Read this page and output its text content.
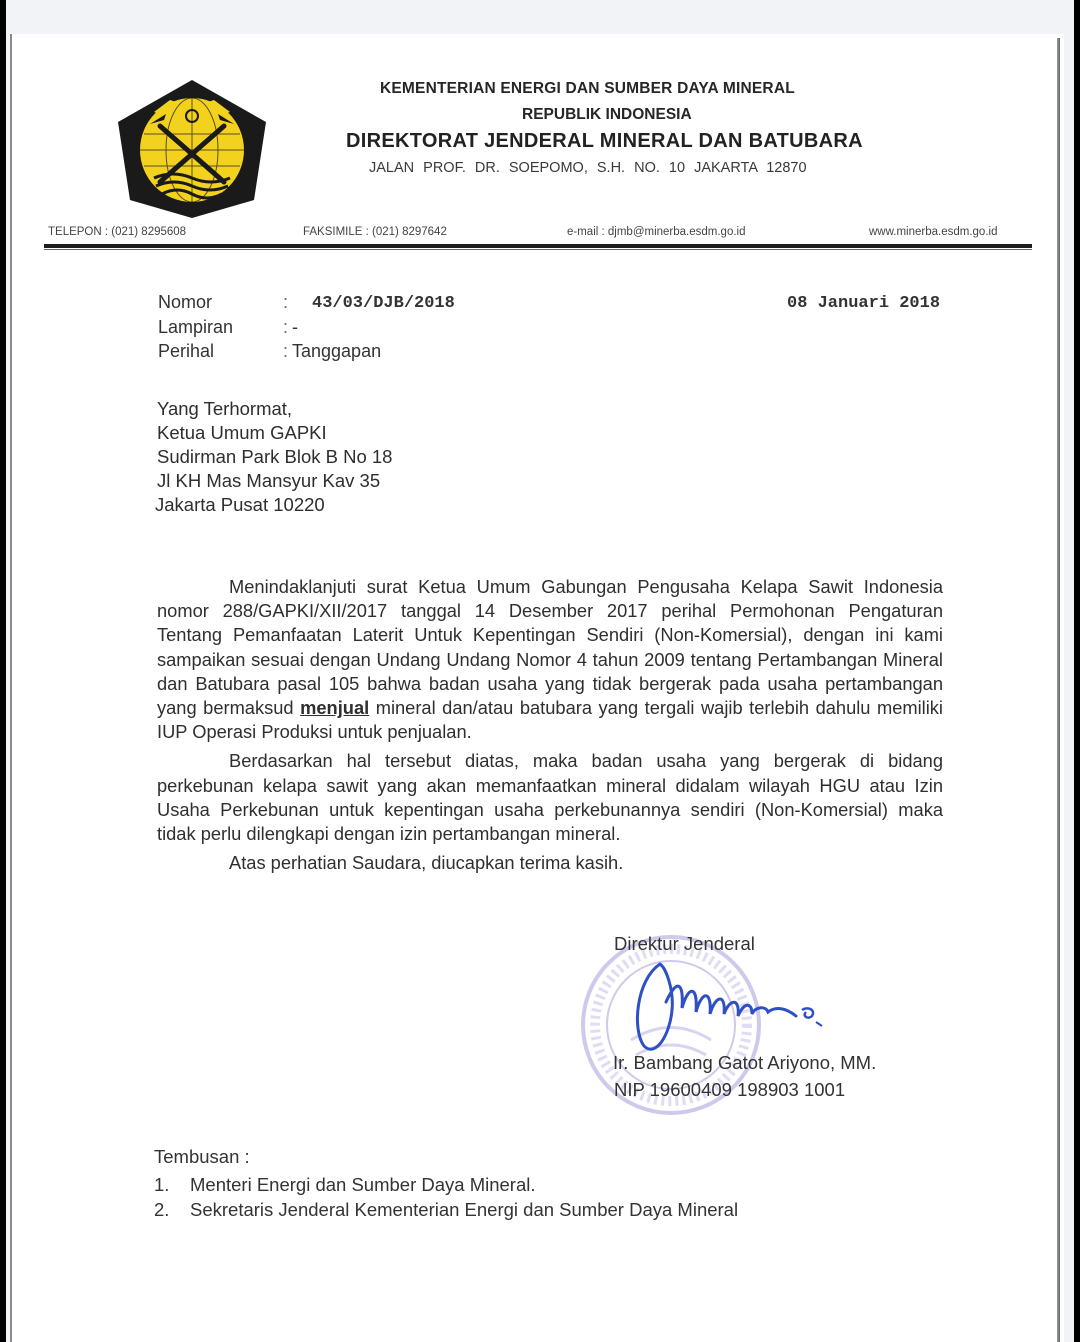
KEMENTERIAN ENERGI DAN SUMBER DAYA MINERAL
REPUBLIK INDONESIA
DIREKTORAT JENDERAL MINERAL DAN BATUBARA
JALAN PROF. DR. SOEPOMO, S.H. NO. 10 JAKARTA 12870
TELEPON : (021) 8295608	FAKSIMILE : (021) 8297642	e-mail : djmb@minerba.esdm.go.id	www.minerba.esdm.go.id
Nomor	: 43/03/DJB/2018	08 Januari 2018
Lampiran	: -
Perihal	: Tanggapan
Yang Terhormat,
Ketua Umum GAPKI
Sudirman Park Blok B No 18
Jl KH Mas Mansyur Kav 35
Jakarta Pusat 10220

Menindaklanjuti surat Ketua Umum Gabungan Pengusaha Kelapa Sawit Indonesia nomor 288/GAPKI/XII/2017 tanggal 14 Desember 2017 perihal Permohonan Pengaturan Tentang Pemanfaatan Laterit Untuk Kepentingan Sendiri (Non-Komersial), dengan ini kami sampaikan sesuai dengan Undang Undang Nomor 4 tahun 2009 tentang Pertambangan Mineral dan Batubara pasal 105 bahwa badan usaha yang tidak bergerak pada usaha pertambangan yang bermaksud menjual mineral dan/atau batubara yang tergali wajib terlebih dahulu memiliki IUP Operasi Produksi untuk penjualan.

Berdasarkan hal tersebut diatas, maka badan usaha yang bergerak di bidang perkebunan kelapa sawit yang akan memanfaatkan mineral didalam wilayah HGU atau Izin Usaha Perkebunan untuk kepentingan usaha perkebunannya sendiri (Non-Komersial) maka tidak perlu dilengkapi dengan izin pertambangan mineral.

Atas perhatian Saudara, diucapkan terima kasih.

Direktur Jenderal
Ir. Bambang Gatot Ariyono, MM.
NIP 19600409 198903 1001
Tembusan :
1. Menteri Energi dan Sumber Daya Mineral.
2. Sekretaris Jenderal Kementerian Energi dan Sumber Daya Mineral
